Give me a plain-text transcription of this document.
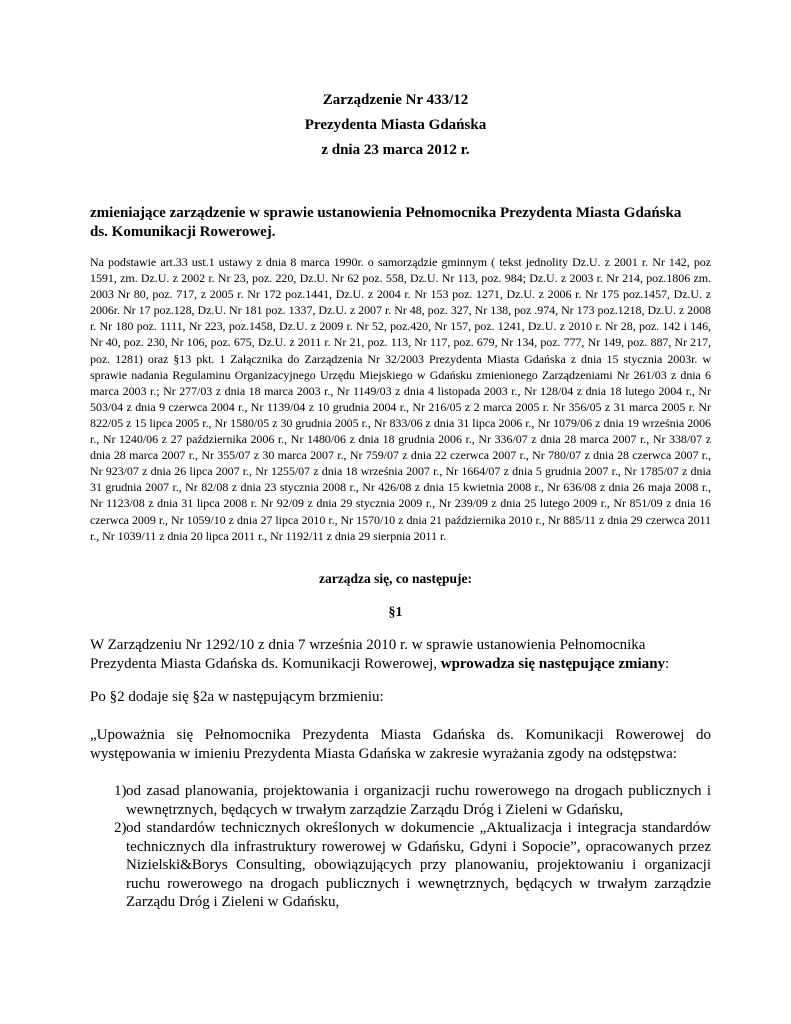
Zarządzenie Nr 433/12
Prezydenta Miasta Gdańska
z dnia 23 marca 2012 r.
zmieniające zarządzenie w sprawie ustanowienia Pełnomocnika Prezydenta Miasta Gdańska ds. Komunikacji Rowerowej.
Na podstawie art.33 ust.1 ustawy z dnia 8 marca 1990r. o samorządzie gminnym ( tekst jednolity Dz.U. z 2001 r. Nr 142, poz 1591, zm. Dz.U. z 2002 r. Nr 23, poz. 220, Dz.U. Nr 62 poz. 558, Dz.U. Nr 113, poz. 984; Dz.U. z 2003 r. Nr 214, poz.1806 zm. 2003 Nr 80, poz. 717, z 2005 r. Nr 172 poz.1441, Dz.U. z 2004 r. Nr 153 poz. 1271, Dz.U. z 2006 r. Nr 175 poz.1457, Dz.U. z 2006r. Nr 17 poz.128, Dz.U. Nr 181 poz. 1337, Dz.U. z 2007 r. Nr 48, poz. 327, Nr 138, poz .974, Nr 173 poz.1218, Dz.U. z 2008 r. Nr 180 poz. 1111, Nr 223, poz.1458, Dz.U. z 2009 r. Nr 52, poz.420, Nr 157, poz. 1241, Dz.U. z 2010 r. Nr 28, poz. 142 i 146, Nr 40, poz. 230, Nr 106, poz. 675, Dz.U. z 2011 r. Nr 21, poz. 113, Nr 117, poz. 679, Nr 134, poz. 777, Nr 149, poz. 887, Nr 217, poz. 1281) oraz §13 pkt. 1 Załącznika do Zarządzenia Nr 32/2003 Prezydenta Miasta Gdańska z dnia 15 stycznia 2003r. w sprawie nadania Regulaminu Organizacyjnego Urzędu Miejskiego w Gdańsku zmienionego Zarządzeniami Nr 261/03 z dnia 6 marca 2003 r.; Nr 277/03 z dnia 18 marca 2003 r., Nr 1149/03 z dnia 4 listopada 2003 r., Nr 128/04 z dnia 18 lutego 2004 r., Nr 503/04 z dnia 9 czerwca 2004 r., Nr 1139/04 z 10 grudnia 2004 r., Nr 216/05 z 2 marca 2005 r. Nr 356/05 z 31 marca 2005 r. Nr 822/05 z 15 lipca 2005 r., Nr 1580/05 z 30 grudnia 2005 r., Nr 833/06 z dnia 31 lipca 2006 r., Nr 1079/06 z dnia 19 września 2006 r., Nr 1240/06 z 27 października 2006 r., Nr 1480/06 z dnia 18 grudnia 2006 r., Nr 336/07 z dnia 28 marca 2007 r., Nr 338/07 z dnia 28 marca 2007 r., Nr 355/07 z 30 marca 2007 r., Nr 759/07 z dnia 22 czerwca 2007 r., Nr 780/07 z dnia 28 czerwca 2007 r., Nr 923/07 z dnia 26 lipca 2007 r., Nr 1255/07 z dnia 18 września 2007 r., Nr 1664/07 z dnia 5 grudnia 2007 r., Nr 1785/07 z dnia 31 grudnia 2007 r., Nr 82/08 z dnia 23 stycznia 2008 r., Nr 426/08 z dnia 15 kwietnia 2008 r., Nr 636/08 z dnia 26 maja 2008 r., Nr 1123/08 z dnia 31 lipca 2008 r. Nr 92/09 z dnia 29 stycznia 2009 r., Nr 239/09 z dnia 25 lutego 2009 r., Nr 851/09 z dnia 16 czerwca 2009 r., Nr 1059/10 z dnia 27 lipca 2010 r., Nr 1570/10 z dnia 21 października 2010 r., Nr 885/11 z dnia 29 czerwca 2011 r., Nr 1039/11 z dnia 20 lipca 2011 r., Nr 1192/11 z dnia 29 sierpnia 2011 r.
zarządza się, co następuje:
§1
W Zarządzeniu Nr 1292/10 z dnia 7 września 2010 r. w sprawie ustanowienia Pełnomocnika Prezydenta Miasta Gdańska ds. Komunikacji Rowerowej, wprowadza się następujące zmiany:
Po §2 dodaje się §2a w następującym brzmieniu:
„Upoważnia się Pełnomocnika Prezydenta Miasta Gdańska ds. Komunikacji Rowerowej do występowania w imieniu Prezydenta Miasta Gdańska w zakresie wyrażania zgody na odstępstwa:
1) od zasad planowania, projektowania i organizacji ruchu rowerowego na drogach publicznych i wewnętrznych, będących w trwałym zarządzie Zarządu Dróg i Zieleni w Gdańsku,
2) od standardów technicznych określonych w dokumencie „Aktualizacja i integracja standardów technicznych dla infrastruktury rowerowej w Gdańsku, Gdyni i Sopocie”, opracowanych przez Nizielski&Borys Consulting, obowiązujących przy planowaniu, projektowaniu i organizacji ruchu rowerowego na drogach publicznych i wewnętrznych, będących w trwałym zarządzie Zarządu Dróg i Zieleni w Gdańsku,
